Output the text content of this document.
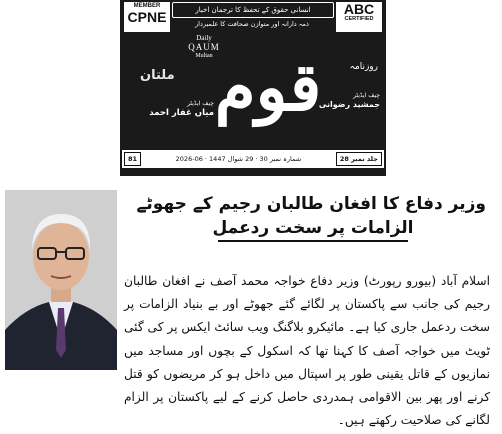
انسانی حقوق کے تحفظ کا ترجمان اخبار
ذمہ دارانہ اور متوازن صحافت کا علمبردار
MEMBER
CPNE	ABC
CERTIFIED
Daily
QAUM
Multan
روزنامہ
قوم
ملتان
چیف ایڈیٹر
جمشید رضوانی
چیف ایڈیٹر
میاں غفار احمد
جلد نمبر 28
شمارہ نمبر 30 · 29 شوال 1447 · 06-2026
81
وزیر دفاع کا افغان طالبان رجیم کے جھوٹے
الزامات پر سخت ردعمل

اسلام آباد (بیورو رپورٹ) وزیر دفاع خواجہ محمد آصف نے افغان طالبان رجیم کی جانب سے پاکستان پر لگائے گئے جھوٹے اور بے بنیاد الزامات پر سخت ردعمل جاری کیا ہے۔ مائیکرو بلاگنگ ویب سائٹ ایکس پر کی گئی ٹویٹ میں خواجہ آصف کا کہنا تھا کہ اسکول کے بچوں اور مساجد میں نمازیوں کے قاتل یقینی طور پر اسپتال میں داخل ہو کر مریضوں کو قتل کرنے اور پھر بین الاقوامی ہمدردی حاصل کرنے کے لیے پاکستان پر الزام لگانے کی صلاحیت رکھتے ہیں۔
